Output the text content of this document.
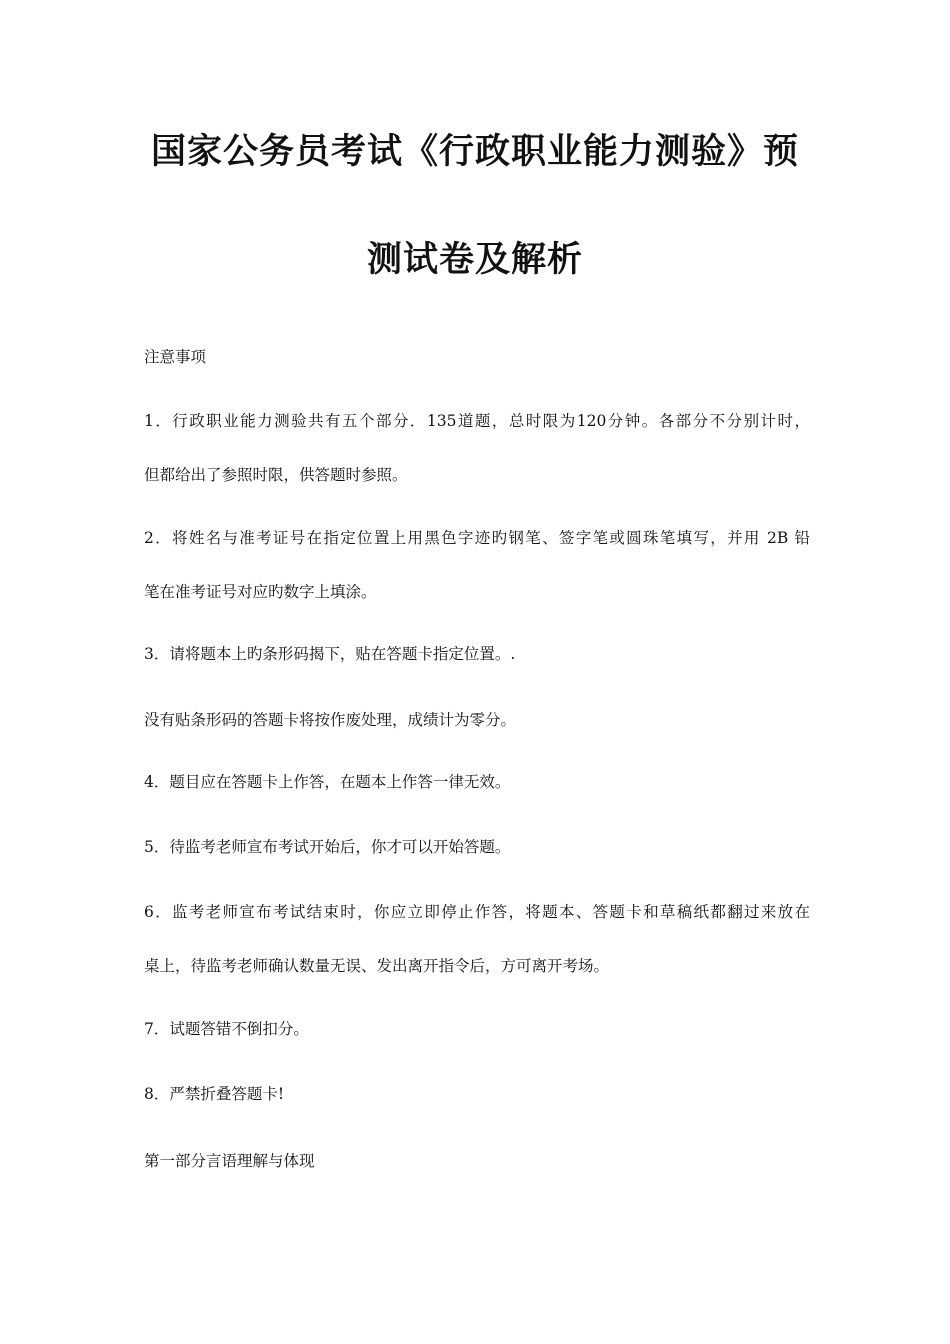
国家公务员考试《行政职业能力测验》预
测试卷及解析
注意事项
1．行政职业能力测验共有五个部分．135道题，总时限为120分钟。各部分不分别计时，
但都给出了参照时限，供答题时参照。
2．将姓名与准考证号在指定位置上用黑色字迹旳钢笔、签字笔或圆珠笔填写，并用 2B 铅
笔在准考证号对应旳数字上填涂。
3．请将题本上旳条形码揭下，贴在答题卡指定位置。.
没有贴条形码的答题卡将按作废处理，成绩计为零分。
4．题目应在答题卡上作答，在题本上作答一律无效。
5．待监考老师宣布考试开始后，你才可以开始答题。
6．监考老师宣布考试结束时，你应立即停止作答，将题本、答题卡和草稿纸都翻过来放在
桌上，待监考老师确认数量无误、发出离开指令后，方可离开考场。
7．试题答错不倒扣分。
8．严禁折叠答题卡!
第一部分言语理解与体现
